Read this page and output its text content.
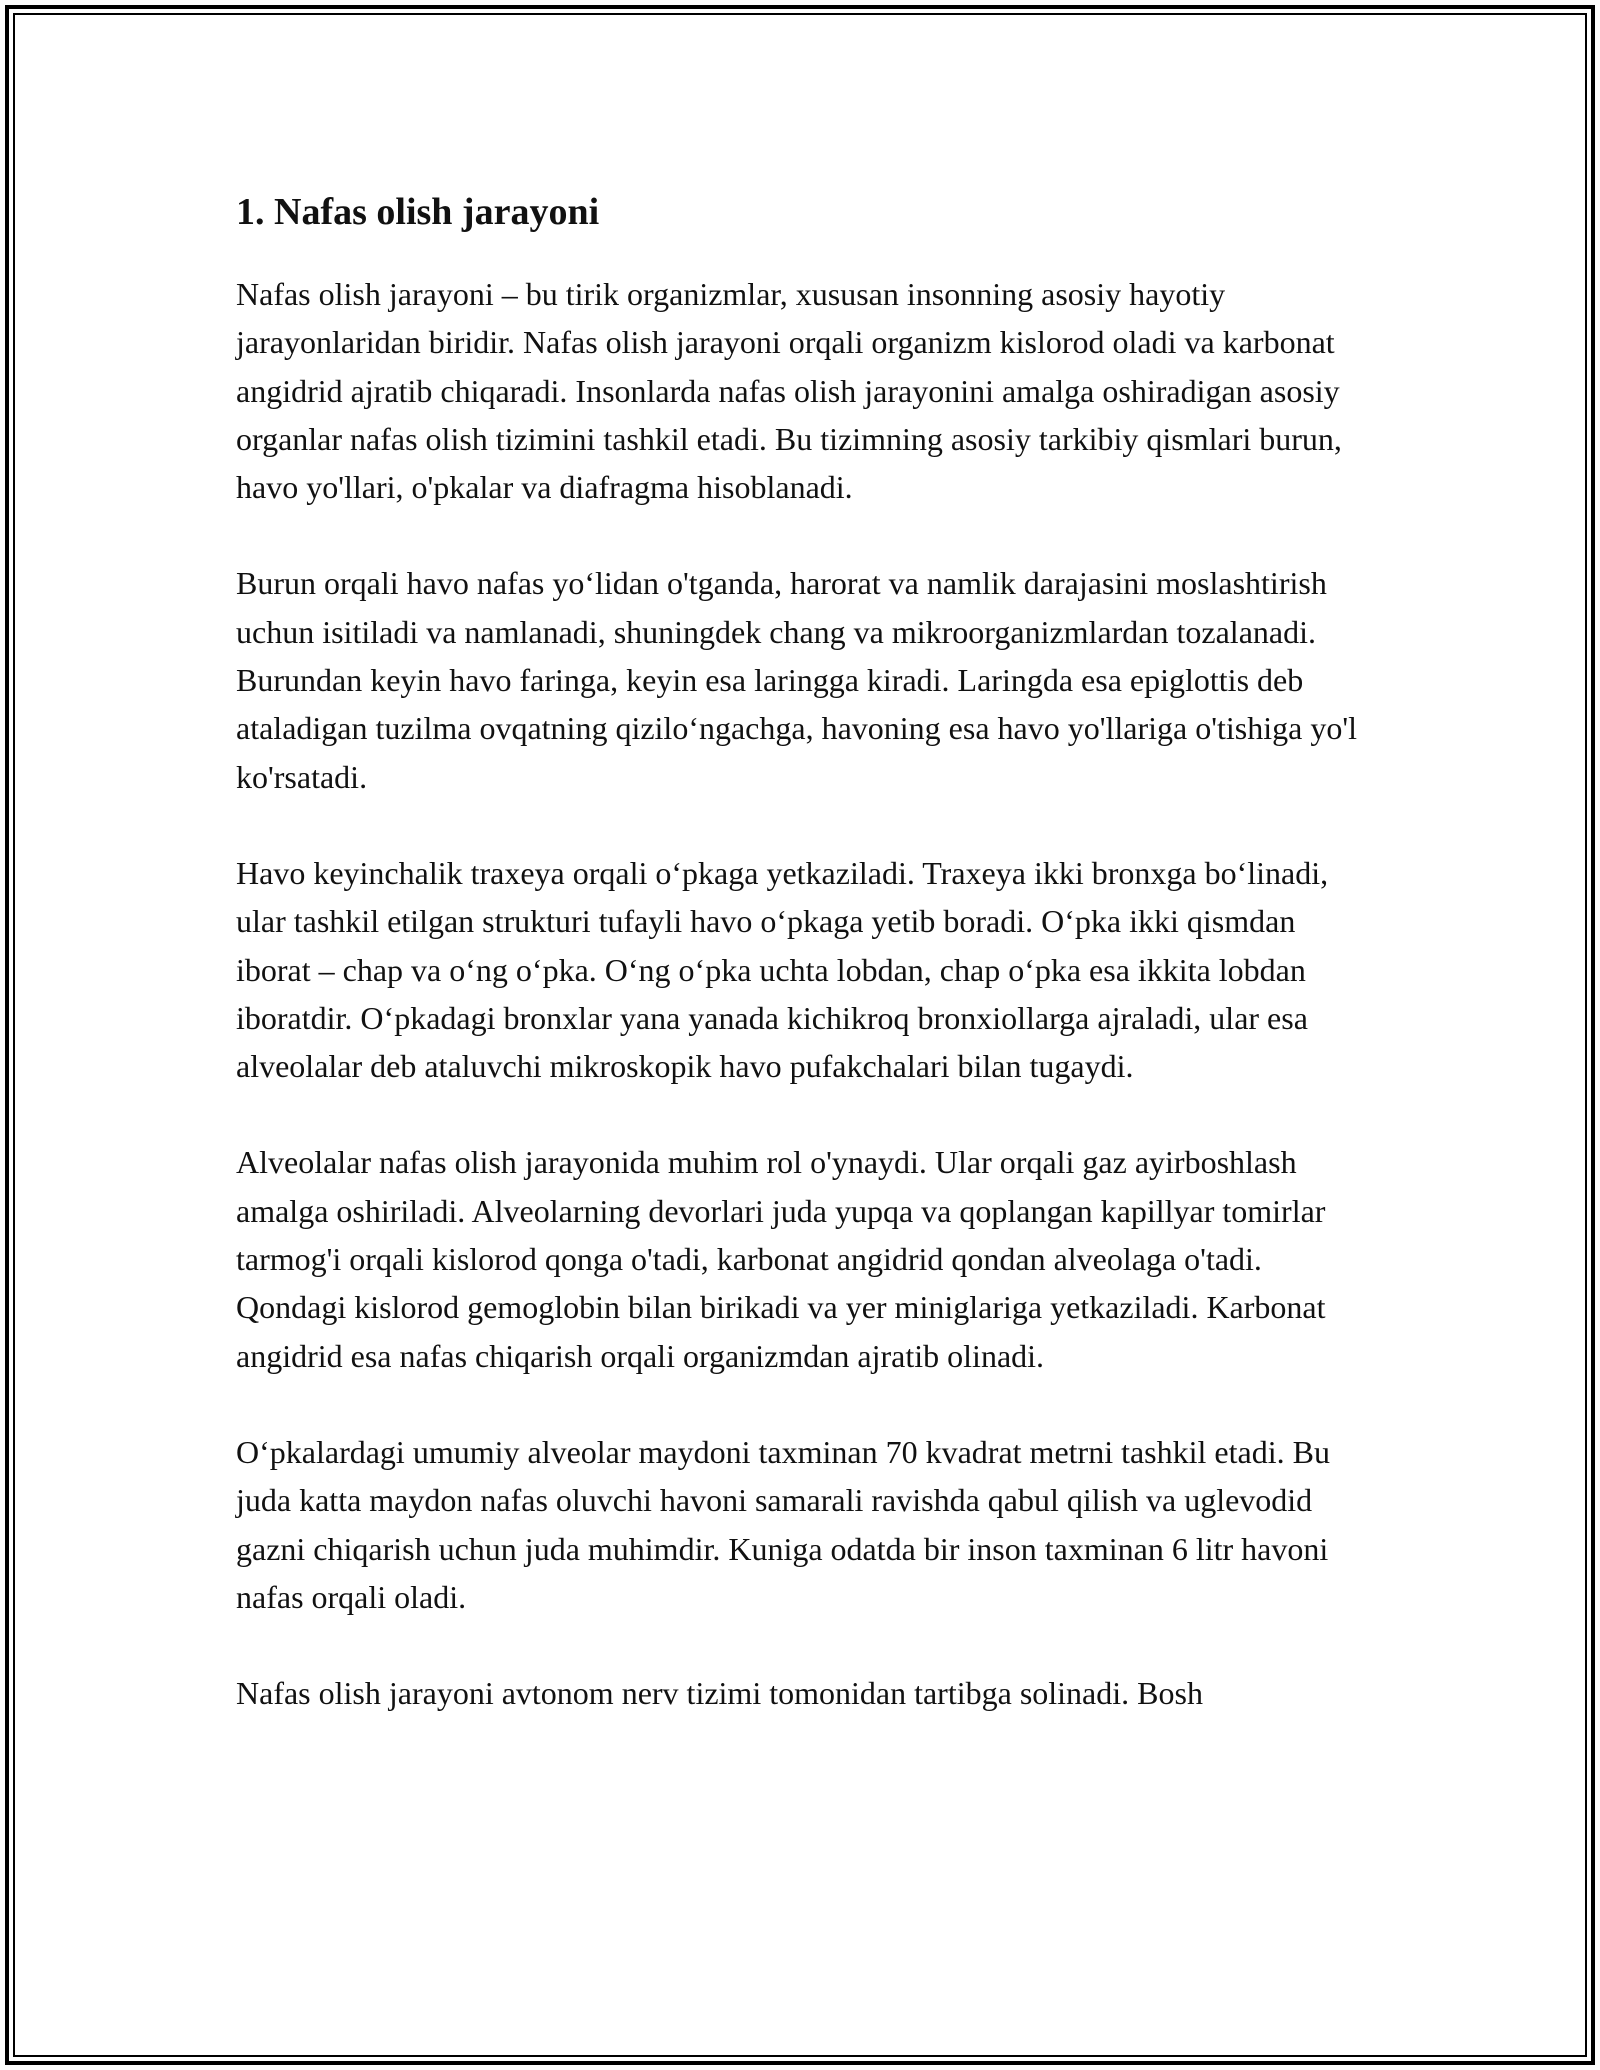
1. Nafas olish jarayoni

Nafas olish jarayoni – bu tirik organizmlar, xususan insonning asosiy hayotiy jarayonlaridan biridir. Nafas olish jarayoni orqali organizm kislorod oladi va karbonat angidrid ajratib chiqaradi. Insonlarda nafas olish jarayonini amalga oshiradigan asosiy organlar nafas olish tizimini tashkil etadi. Bu tizimning asosiy tarkibiy qismlari burun, havo yo'llari, o'pkalar va diafragma hisoblanadi.

Burun orqali havo nafas yo‘lidan o'tganda, harorat va namlik darajasini moslashtirish uchun isitiladi va namlanadi, shuningdek chang va mikroorganizmlardan tozalanadi. Burundan keyin havo faringa, keyin esa laringga kiradi. Laringda esa epiglottis deb ataladigan tuzilma ovqatning qizilo‘ngachga, havoning esa havo yo'llariga o'tishiga yo'l ko'rsatadi.

Havo keyinchalik traxeya orqali o‘pkaga yetkaziladi. Traxeya ikki bronxga bo‘linadi, ular tashkil etilgan strukturi tufayli havo o‘pkaga yetib boradi. O‘pka ikki qismdan iborat – chap va o‘ng o‘pka. O‘ng o‘pka uchta lobdan, chap o‘pka esa ikkita lobdan iboratdir. O‘pkadagi bronxlar yana yanada kichikroq bronxiollarga ajraladi, ular esa alveolalar deb ataluvchi mikroskopik havo pufakchalari bilan tugaydi.

Alveolalar nafas olish jarayonida muhim rol o'ynaydi. Ular orqali gaz ayirboshlash amalga oshiriladi. Alveolarning devorlari juda yupqa va qoplangan kapillyar tomirlar tarmog'i orqali kislorod qonga o'tadi, karbonat angidrid qondan alveolaga o'tadi. Qondagi kislorod gemoglobin bilan birikadi va yer miniglariga yetkaziladi. Karbonat angidrid esa nafas chiqarish orqali organizmdan ajratib olinadi.

O‘pkalardagi umumiy alveolar maydoni taxminan 70 kvadrat metrni tashkil etadi. Bu juda katta maydon nafas oluvchi havoni samarali ravishda qabul qilish va uglevodid gazni chiqarish uchun juda muhimdir. Kuniga odatda bir inson taxminan 6 litr havoni nafas orqali oladi.

Nafas olish jarayoni avtonom nerv tizimi tomonidan tartibga solinadi. Bosh
